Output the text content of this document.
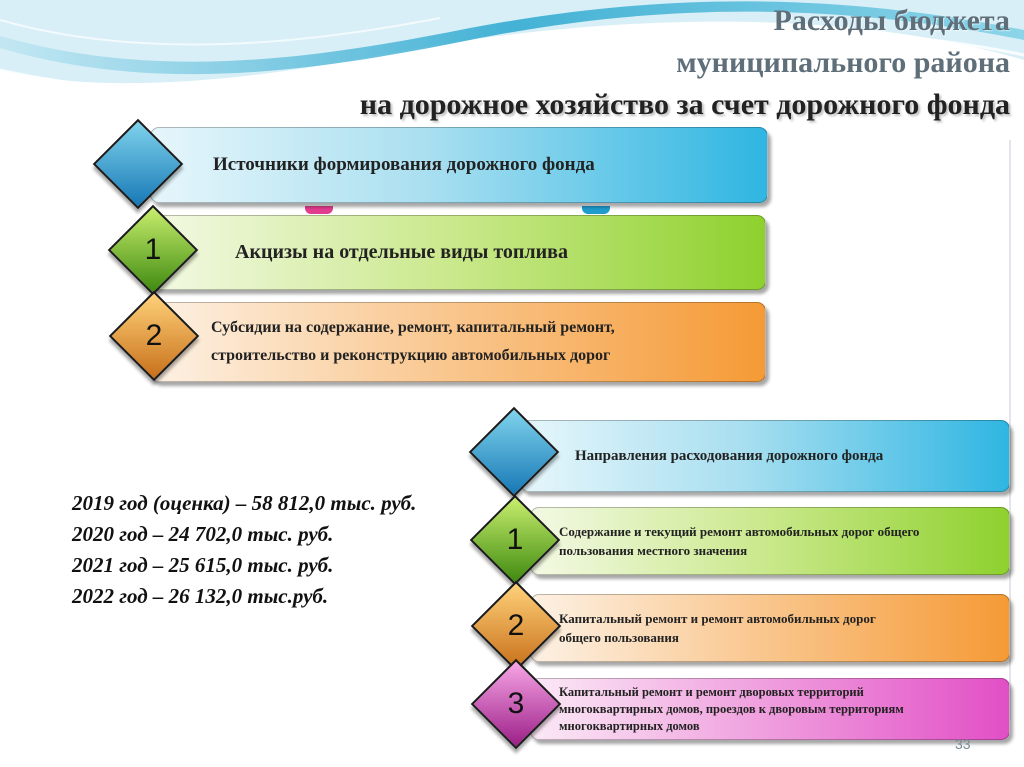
Расходы бюджета
муниципального района
на дорожное хозяйство за счет дорожного фонда
Источники формирования дорожного фонда
Акцизы на отдельные виды топлива
1
Субсидии на содержание, ремонт, капитальный ремонт,
строительство и реконструкцию автомобильных дорог
2
2019 год (оценка) – 58 812,0 тыс. руб.
2020 год – 24 702,0 тыс. руб.
2021 год – 25 615,0 тыс. руб.
2022 год – 26 132,0 тыс.руб.
Направления расходования дорожного фонда
Содержание и текущий ремонт автомобильных дорог общего
пользования местного значения
1
Капитальный ремонт и ремонт автомобильных дорог
общего пользования
2
Капитальный ремонт и ремонт дворовых территорий
многоквартирных домов, проездов к дворовым территориям
многоквартирных домов
3
33
